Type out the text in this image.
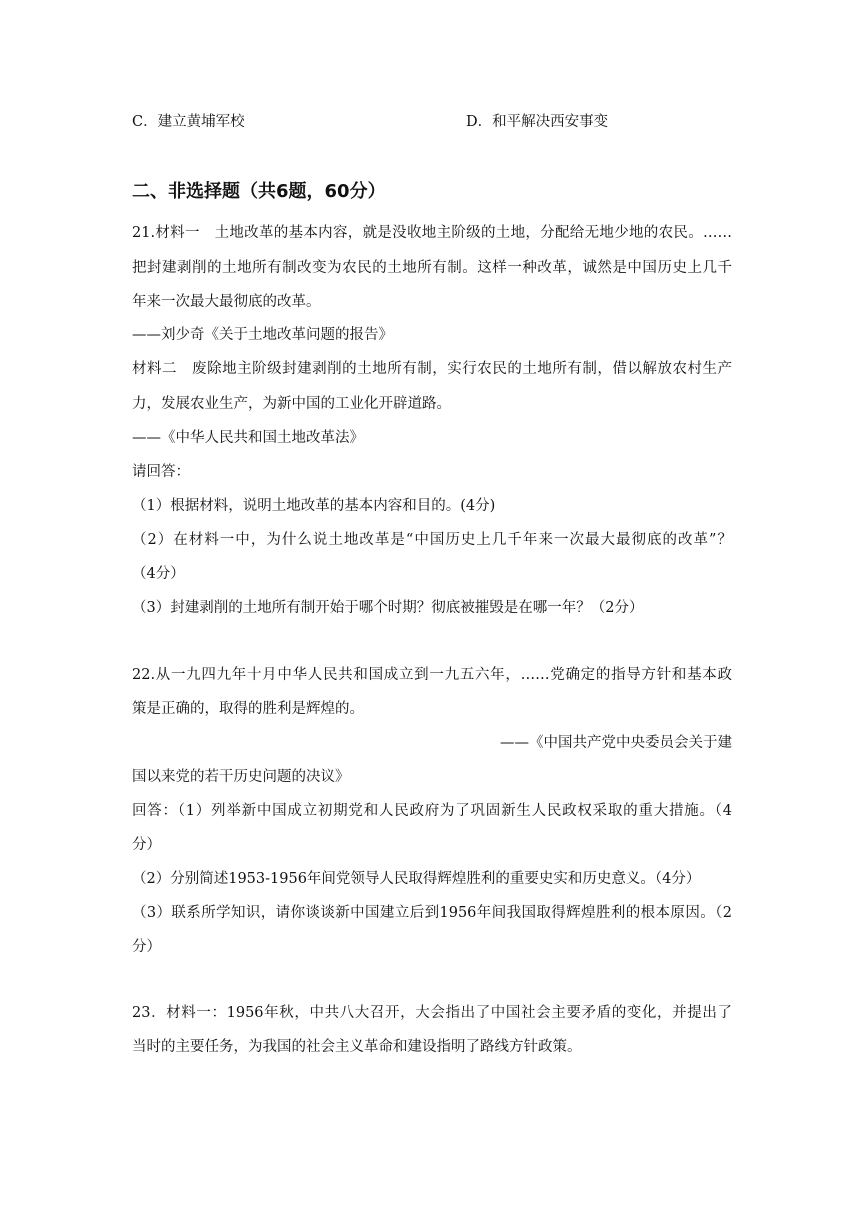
C．建立黄埔军校	D．和平解决西安事变
二、非选择题（共6题，60分）
21.材料一　土地改革的基本内容，就是没收地主阶级的土地，分配给无地少地的农民。……
把封建剥削的土地所有制改变为农民的土地所有制。这样一种改革，诚然是中国历史上几千
年来一次最大最彻底的改革。
——刘少奇《关于土地改革问题的报告》
材料二　废除地主阶级封建剥削的土地所有制，实行农民的土地所有制，借以解放农村生产
力，发展农业生产，为新中国的工业化开辟道路。
——《中华人民共和国土地改革法》
请回答：
（1）根据材料，说明土地改革的基本内容和目的。(4分)
（2）在材料一中，为什么说土地改革是“中国历史上几千年来一次最大最彻底的改革”？
（4分）
（3）封建剥削的土地所有制开始于哪个时期？彻底被摧毁是在哪一年？（2分）
22.从一九四九年十月中华人民共和国成立到一九五六年，……党确定的指导方针和基本政
策是正确的，取得的胜利是辉煌的。
——《中国共产党中央委员会关于建
国以来党的若干历史问题的决议》
回答：（1）列举新中国成立初期党和人民政府为了巩固新生人民政权采取的重大措施。（4
分）
（2）分别简述1953-1956年间党领导人民取得辉煌胜利的重要史实和历史意义。（4分）
（3）联系所学知识，请你谈谈新中国建立后到1956年间我国取得辉煌胜利的根本原因。（2
分）
23．材料一：1956年秋，中共八大召开，大会指出了中国社会主要矛盾的变化，并提出了
当时的主要任务，为我国的社会主义革命和建设指明了路线方针政策。
